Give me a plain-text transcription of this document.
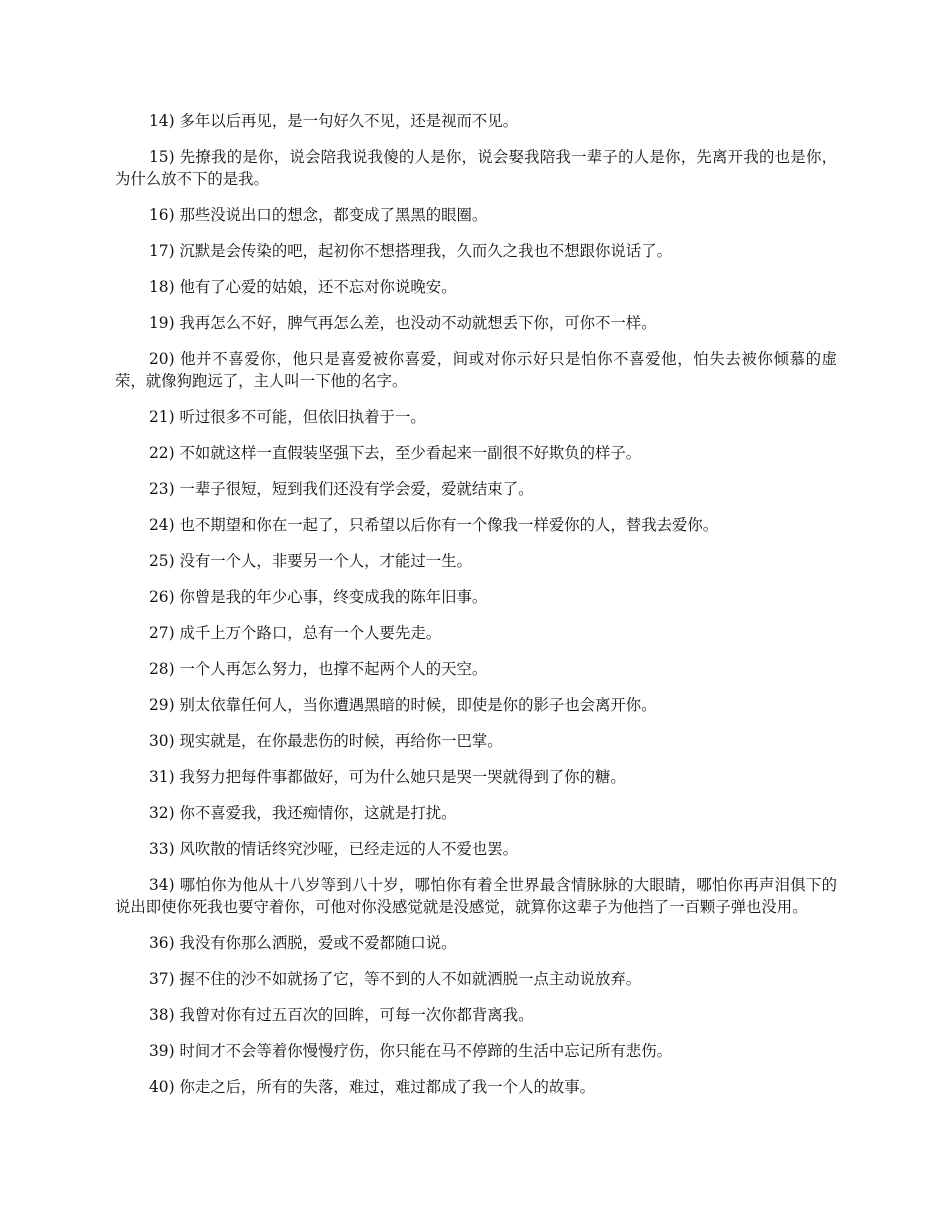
14) 多年以后再见，是一句好久不见，还是视而不见。

15) 先撩我的是你，说会陪我说我傻的人是你，说会娶我陪我一辈子的人是你，先离开我的也是你，为什么放不下的是我。

16) 那些没说出口的想念，都变成了黑黑的眼圈。

17) 沉默是会传染的吧，起初你不想搭理我，久而久之我也不想跟你说话了。

18) 他有了心爱的姑娘，还不忘对你说晚安。

19) 我再怎么不好，脾气再怎么差，也没动不动就想丢下你，可你不一样。

20) 他并不喜爱你，他只是喜爱被你喜爱，间或对你示好只是怕你不喜爱他，怕失去被你倾慕的虚荣，就像狗跑远了，主人叫一下他的名字。

21) 听过很多不可能，但依旧执着于一。

22) 不如就这样一直假装坚强下去，至少看起来一副很不好欺负的样子。

23) 一辈子很短，短到我们还没有学会爱，爱就结束了。

24) 也不期望和你在一起了，只希望以后你有一个像我一样爱你的人，替我去爱你。

25) 没有一个人，非要另一个人，才能过一生。

26) 你曾是我的年少心事，终变成我的陈年旧事。

27) 成千上万个路口，总有一个人要先走。

28) 一个人再怎么努力，也撑不起两个人的天空。

29) 别太依靠任何人，当你遭遇黑暗的时候，即使是你的影子也会离开你。

30) 现实就是，在你最悲伤的时候，再给你一巴掌。

31) 我努力把每件事都做好，可为什么她只是哭一哭就得到了你的糖。

32) 你不喜爱我，我还痴情你，这就是打扰。

33) 风吹散的情话终究沙哑，已经走远的人不爱也罢。

34) 哪怕你为他从十八岁等到八十岁，哪怕你有着全世界最含情脉脉的大眼睛，哪怕你再声泪俱下的说出即使你死我也要守着你，可他对你没感觉就是没感觉，就算你这辈子为他挡了一百颗子弹也没用。

36) 我没有你那么洒脱，爱或不爱都随口说。

37) 握不住的沙不如就扬了它，等不到的人不如就洒脱一点主动说放弃。

38) 我曾对你有过五百次的回眸，可每一次你都背离我。

39) 时间才不会等着你慢慢疗伤，你只能在马不停蹄的生活中忘记所有悲伤。

40) 你走之后，所有的失落，难过，难过都成了我一个人的故事。
